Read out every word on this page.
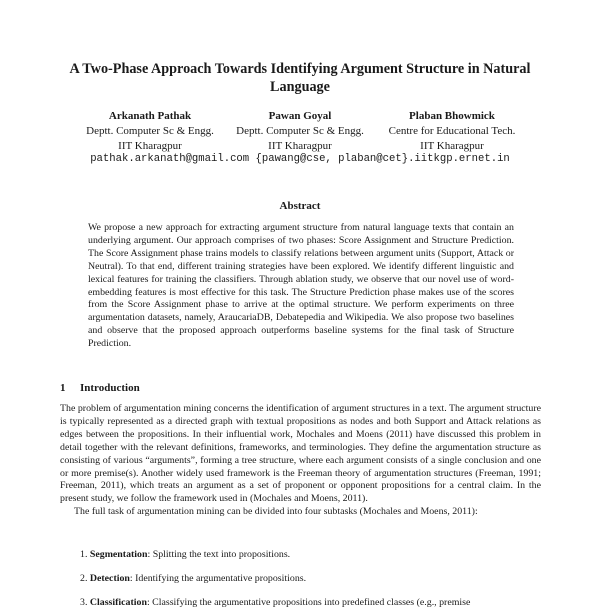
A Two-Phase Approach Towards Identifying Argument Structure in Natural Language
Arkanath Pathak
Deptt. Computer Sc & Engg.
IIT Kharagpur
Pawan Goyal
Deptt. Computer Sc & Engg.
IIT Kharagpur
Plaban Bhowmick
Centre for Educational Tech.
IIT Kharagpur
pathak.arkanath@gmail.com {pawang@cse, plaban@cet}.iitkgp.ernet.in
Abstract
We propose a new approach for extracting argument structure from natural language texts that contain an underlying argument. Our approach comprises of two phases: Score Assignment and Structure Prediction. The Score Assignment phase trains models to classify relations between argument units (Support, Attack or Neutral). To that end, different training strategies have been explored. We identify different linguistic and lexical features for training the classifiers. Through ablation study, we observe that our novel use of word-embedding features is most effective for this task. The Structure Prediction phase makes use of the scores from the Score Assignment phase to arrive at the optimal structure. We perform experiments on three argumentation datasets, namely, AraucariaDB, Debatepedia and Wikipedia. We also propose two baselines and observe that the proposed approach outperforms baseline systems for the final task of Structure Prediction.
1 Introduction

The problem of argumentation mining concerns the identification of argument structures in a text. The argument structure is typically represented as a directed graph with textual propositions as nodes and both Support and Attack relations as edges between the propositions. In their influential work, Mochales and Moens (2011) have discussed this problem in detail together with the relevant definitions, frameworks, and terminologies. They define the argumentation structure as consisting of various “arguments”, forming a tree structure, where each argument consists of a single conclusion and one or more premise(s). Another widely used framework is the Freeman theory of argumentation structures (Freeman, 1991; Freeman, 2011), which treats an argument as a set of proponent or opponent propositions for a central claim. In the present study, we follow the framework used in (Mochales and Moens, 2011).

The full task of argumentation mining can be divided into four subtasks (Mochales and Moens, 2011):

1. Segmentation: Splitting the text into propositions.
2. Detection: Identifying the argumentative propositions.
3. Classification: Classifying the argumentative propositions into predefined classes (e.g., premise
